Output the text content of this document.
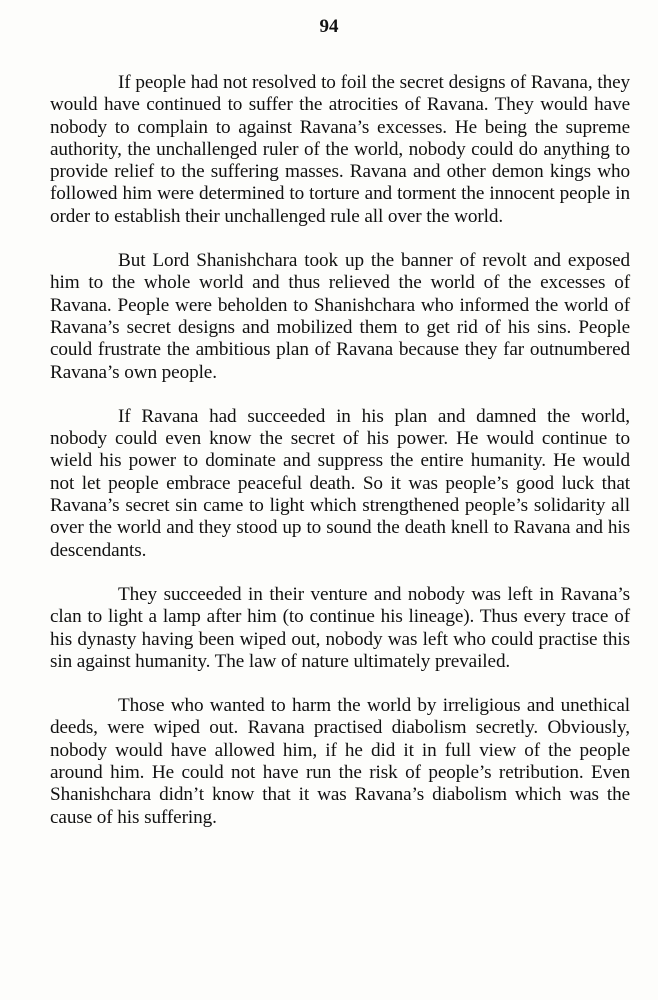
94

If people had not resolved to foil the secret designs of Ravana, they would have continued to suffer the atrocities of Ravana. They would have nobody to complain to against Ravana’s excesses. He being the supreme authority, the unchallenged ruler of the world, nobody could do anything to provide relief to the suffering masses. Ravana and other demon kings who followed him were determined to torture and torment the innocent people in order to establish their unchallenged rule all over the world.

But Lord Shanishchara took up the banner of revolt and exposed him to the whole world and thus relieved the world of the excesses of Ravana. People were beholden to Shanishchara who informed the world of Ravana’s secret designs and mobilized them to get rid of his sins. People could frustrate the ambitious plan of Ravana because they far outnumbered Ravana’s own people.

If Ravana had succeeded in his plan and damned the world, nobody could even know the secret of his power. He would continue to wield his power to dominate and suppress the entire humanity. He would not let people embrace peaceful death. So it was people’s good luck that Ravana’s secret sin came to light which strengthened people’s solidarity all over the world and they stood up to sound the death knell to Ravana and his descendants.

They succeeded in their venture and nobody was left in Ravana’s clan to light a lamp after him (to continue his lineage). Thus every trace of his dynasty having been wiped out, nobody was left who could practise this sin against humanity. The law of nature ultimately prevailed.

Those who wanted to harm the world by irreligious and unethical deeds, were wiped out. Ravana practised diabolism secretly. Obviously, nobody would have allowed him, if he did it in full view of the people around him. He could not have run the risk of people’s retribution. Even Shanishchara didn’t know that it was Ravana’s diabolism which was the cause of his suffering.
